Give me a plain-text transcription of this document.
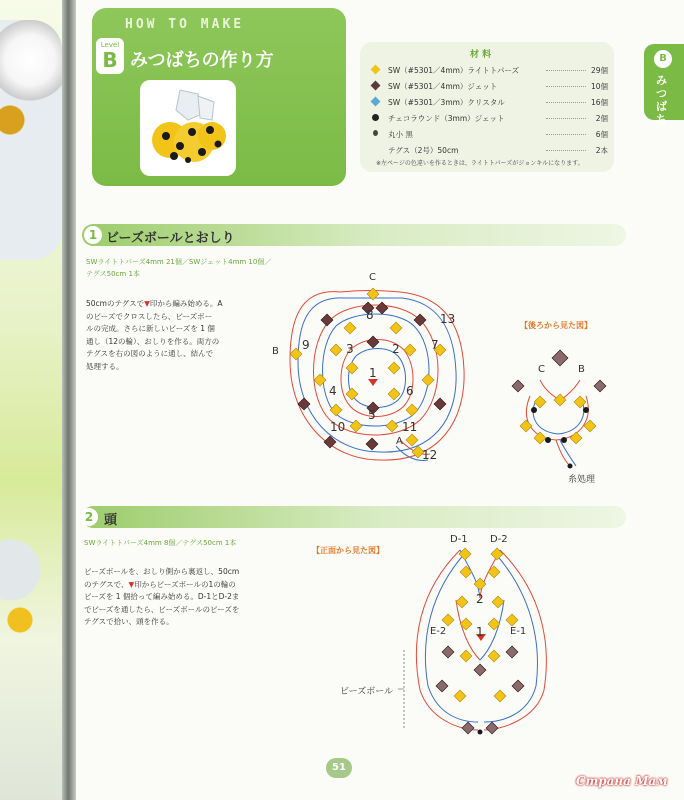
HOW TO MAKE
Level
B みつばちの作り方	材 料
SW（#5301／4mm）ライトトパーズ	29個
SW（#5301／4mm）ジェット	10個
SW（#5301／3mm）クリスタル	16個
チェコラウンド（3mm）ジェット	2個
丸小 黒	6個
テグス（2号）50cm	2本
※左ページの色違いを作るときは、ライトトパーズがジョンキルになります。
B
みつばち
1 ビーズボールとおしり
SWライトトパーズ4mm 21個／SWジェット4mm 10個／
テグス50cm 1本
50cmのテグスで▼印から編み始める。A
のビーズでクロスしたら、ビーズボー
ルの完成。さらに新しいビーズを 1 個
通し（12の輪）、おしりを作る。両方の
テグスを右の図のように通し、結んで
処理する。	1
2
3
4
5
6
7
8
9
10	11
12
13
C
B
A
【後ろから見た図】
C	B
糸処理
2 頭
SWライトトパーズ4mm 8個／テグス50cm 1本
ビーズボールを、おしり側から裏返し、50cm
のテグスで、▼印からビーズボールの1の輪の
ビーズを 1 個拾って編み始める。D-1とD-2ま
でビーズを通したら、ビーズボールのビーズを
テグスで拾い、頭を作る。
【正面から見た図】
D-1 D-2
E-2	E-1
1
2
ビーズボール
51
Страна Мам
